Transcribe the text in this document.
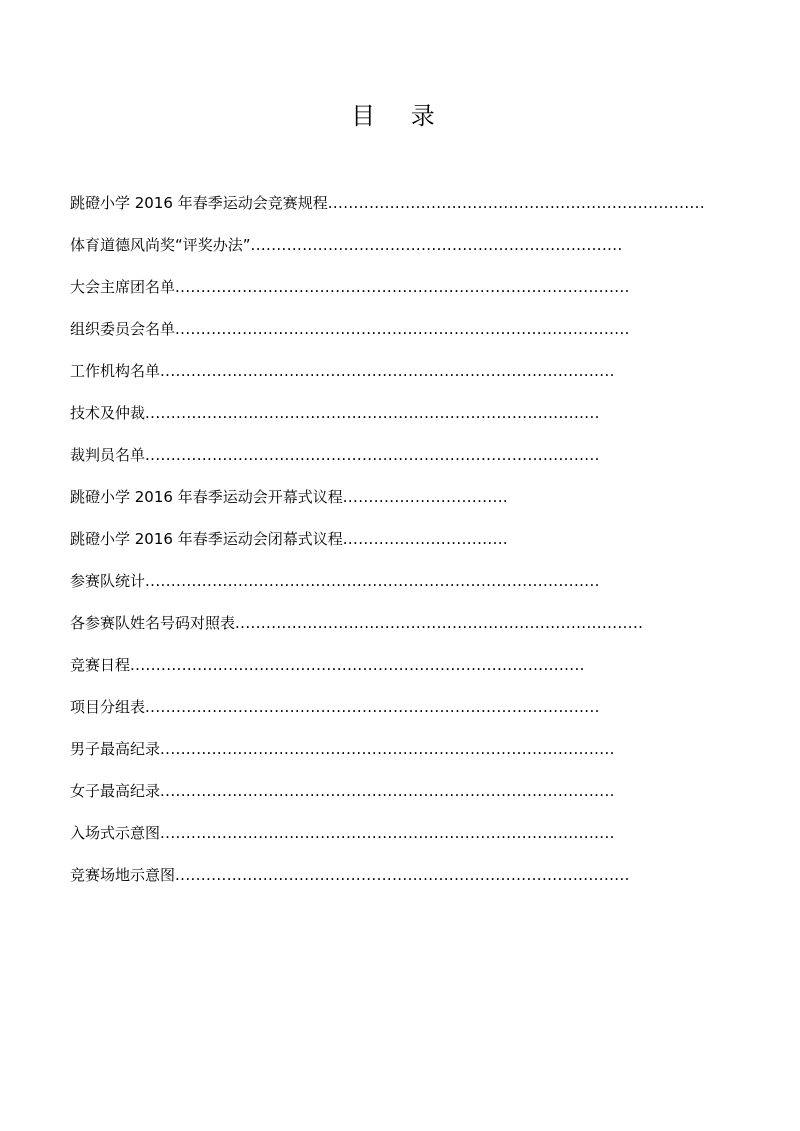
目 录
跳磴小学 2016 年春季运动会竞赛规程.........................................................................
体育道德风尚奖“评奖办法”........................................................................
大会主席团名单........................................................................................
组织委员会名单........................................................................................
工作机构名单........................................................................................
技术及仲裁........................................................................................
裁判员名单........................................................................................
跳磴小学 2016 年春季运动会开幕式议程................................
跳磴小学 2016 年春季运动会闭幕式议程................................
参赛队统计........................................................................................
各参赛队姓名号码对照表...............................................................................
竞赛日程........................................................................................
项目分组表........................................................................................
男子最高纪录........................................................................................
女子最高纪录........................................................................................
入场式示意图........................................................................................
竞赛场地示意图........................................................................................
